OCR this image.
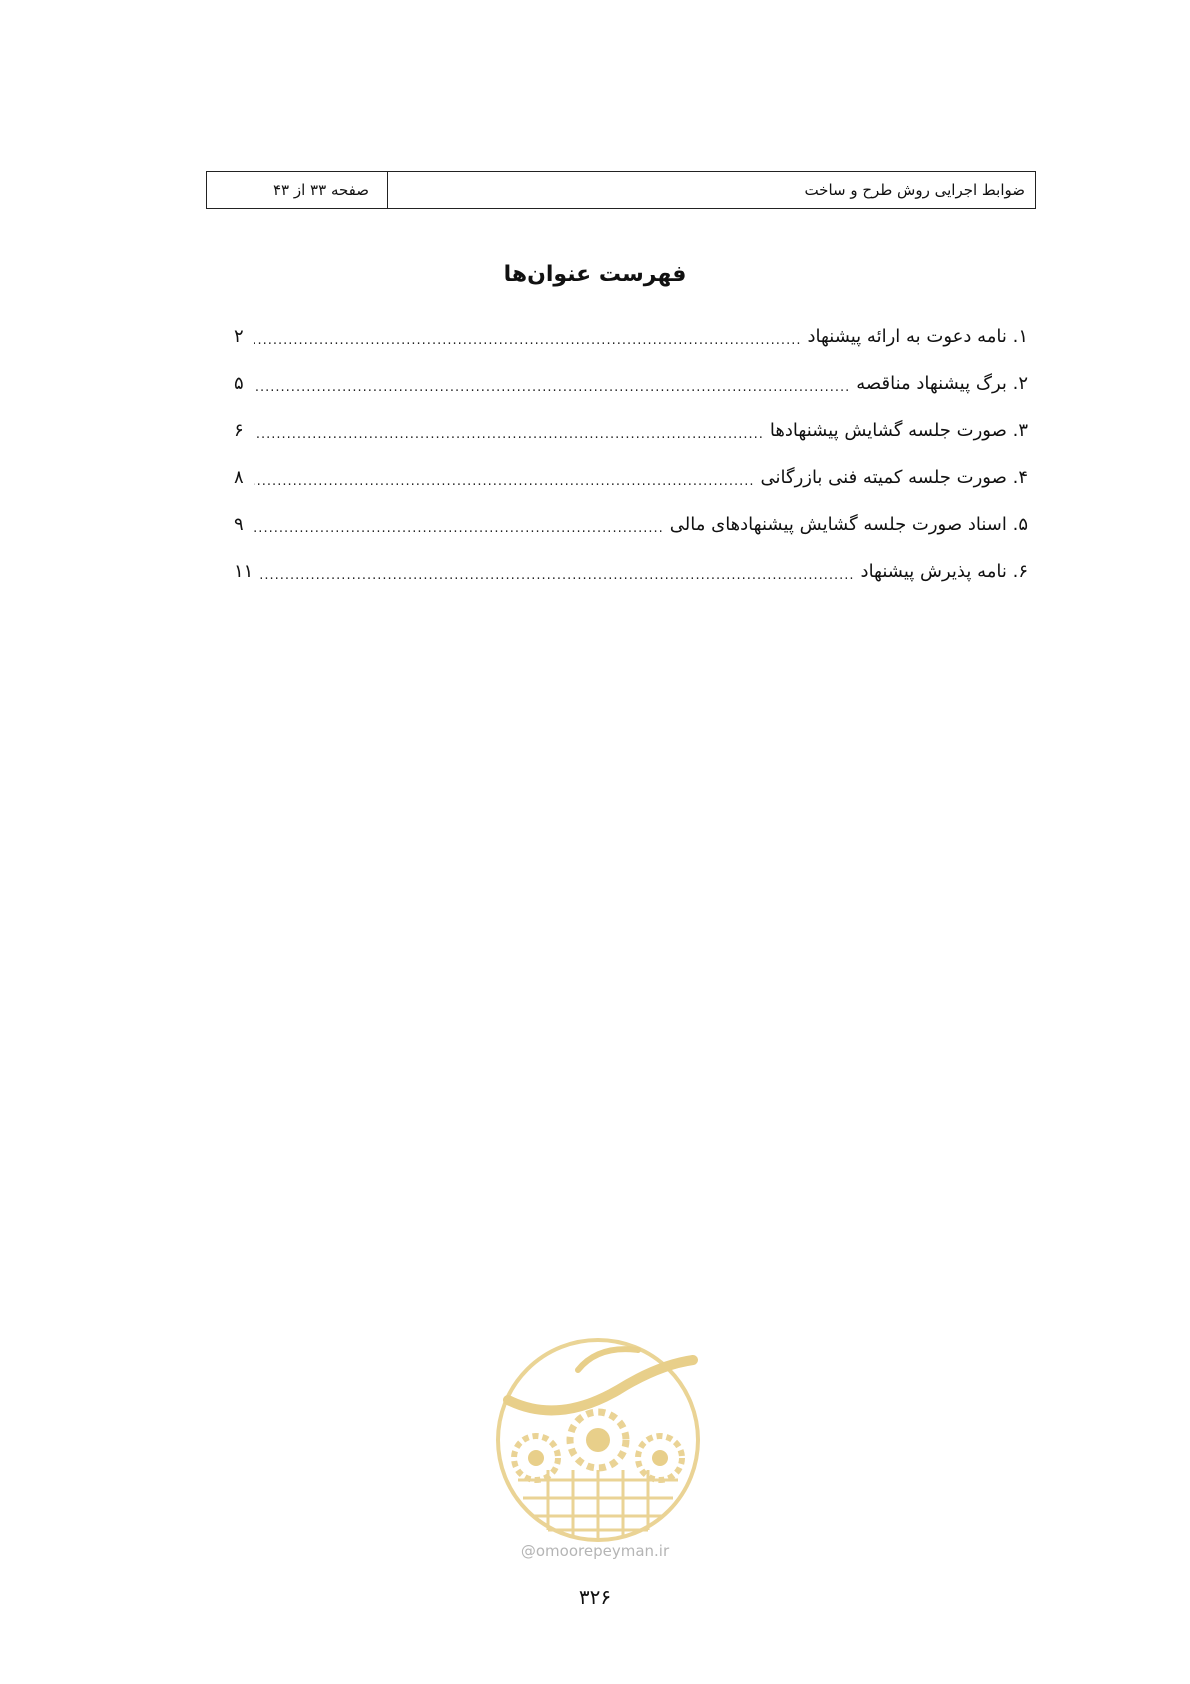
ضوابط اجرایی روش طرح و ساخت
صفحه ۳۳ از ۴۳
فهرست عنوان‌ها
۱. نامه دعوت به ارائه پیشنهاد
.....
۲
۲. برگ پیشنهاد مناقصه
.....
۵
۳. صورت جلسه گشایش پیشنهادها
.....
۶
۴. صورت جلسه کمیته فنی بازرگانی
.....
۸
۵. اسناد صورت جلسه گشایش پیشنهادهای مالی
.....
۹
۶. نامه پذیرش پیشنهاد
.....
۱۱
@omoorepeyman.ir
۳۲۶
